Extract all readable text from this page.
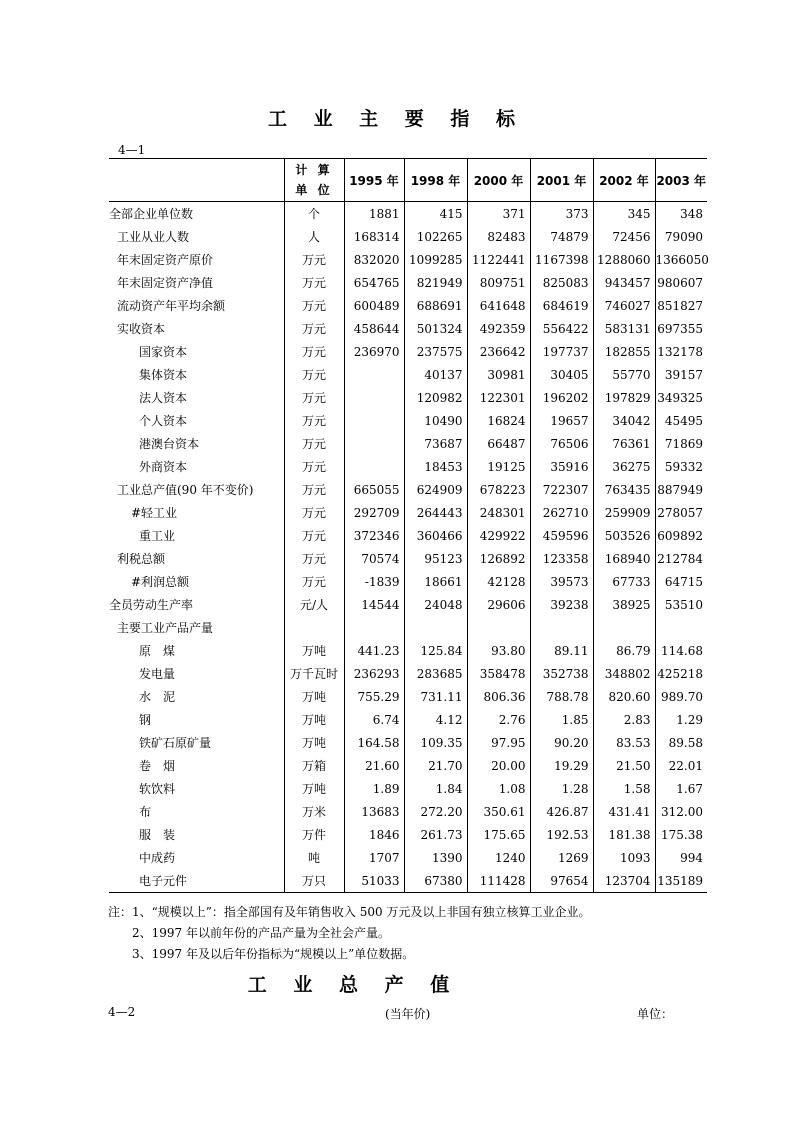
工 业 主 要 指 标
4—1

	计 算
单 位	1995 年	1998 年	2000 年	2001 年	2002 年	2003 年
全部企业单位数	个	1881	415	371	373	345	348
工业从业人数	人	168314	102265	82483	74879	72456	79090
年末固定资产原价	万元	832020	1099285	1122441	1167398	1288060	1366050
年末固定资产净值	万元	654765	821949	809751	825083	943457	980607
流动资产年平均余额	万元	600489	688691	641648	684619	746027	851827
实收资本	万元	458644	501324	492359	556422	583131	697355
国家资本	万元	236970	237575	236642	197737	182855	132178
集体资本	万元		40137	30981	30405	55770	39157
法人资本	万元		120982	122301	196202	197829	349325
个人资本	万元		10490	16824	19657	34042	45495
港澳台资本	万元		73687	66487	76506	76361	71869
外商资本	万元		18453	19125	35916	36275	59332
工业总产值(90 年不变价)	万元	665055	624909	678223	722307	763435	887949
#轻工业	万元	292709	264443	248301	262710	259909	278057
重工业	万元	372346	360466	429922	459596	503526	609892
利税总额	万元	70574	95123	126892	123358	168940	212784
#利润总额	万元	-1839	18661	42128	39573	67733	64715
全员劳动生产率	元/人	14544	24048	29606	39238	38925	53510
主要工业产品产量							
原　煤	万吨	441.23	125.84	93.80	89.11	86.79	114.68
发电量	万千瓦时	236293	283685	358478	352738	348802	425218
水　泥	万吨	755.29	731.11	806.36	788.78	820.60	989.70
钢	万吨	6.74	4.12	2.76	1.85	2.83	1.29
铁矿石原矿量	万吨	164.58	109.35	97.95	90.20	83.53	89.58
卷　烟	万箱	21.60	21.70	20.00	19.29	21.50	22.01
软饮料	万吨	1.89	1.84	1.08	1.28	1.58	1.67
布	万米	13683	272.20	350.61	426.87	431.41	312.00
服　装	万件	1846	261.73	175.65	192.53	181.38	175.38
中成药	吨	1707	1390	1240	1269	1093	994
电子元件	万只	51033	67380	111428	97654	123704	135189
注：1、“规模以上”：指全部国有及年销售收入 500 万元及以上非国有独立核算工业企业。
2、1997 年以前年份的产品产量为全社会产量。
3、1997 年及以后年份指标为“规模以上”单位数据。
工 业 总 产 值
4—2	(当年价)	单位：
